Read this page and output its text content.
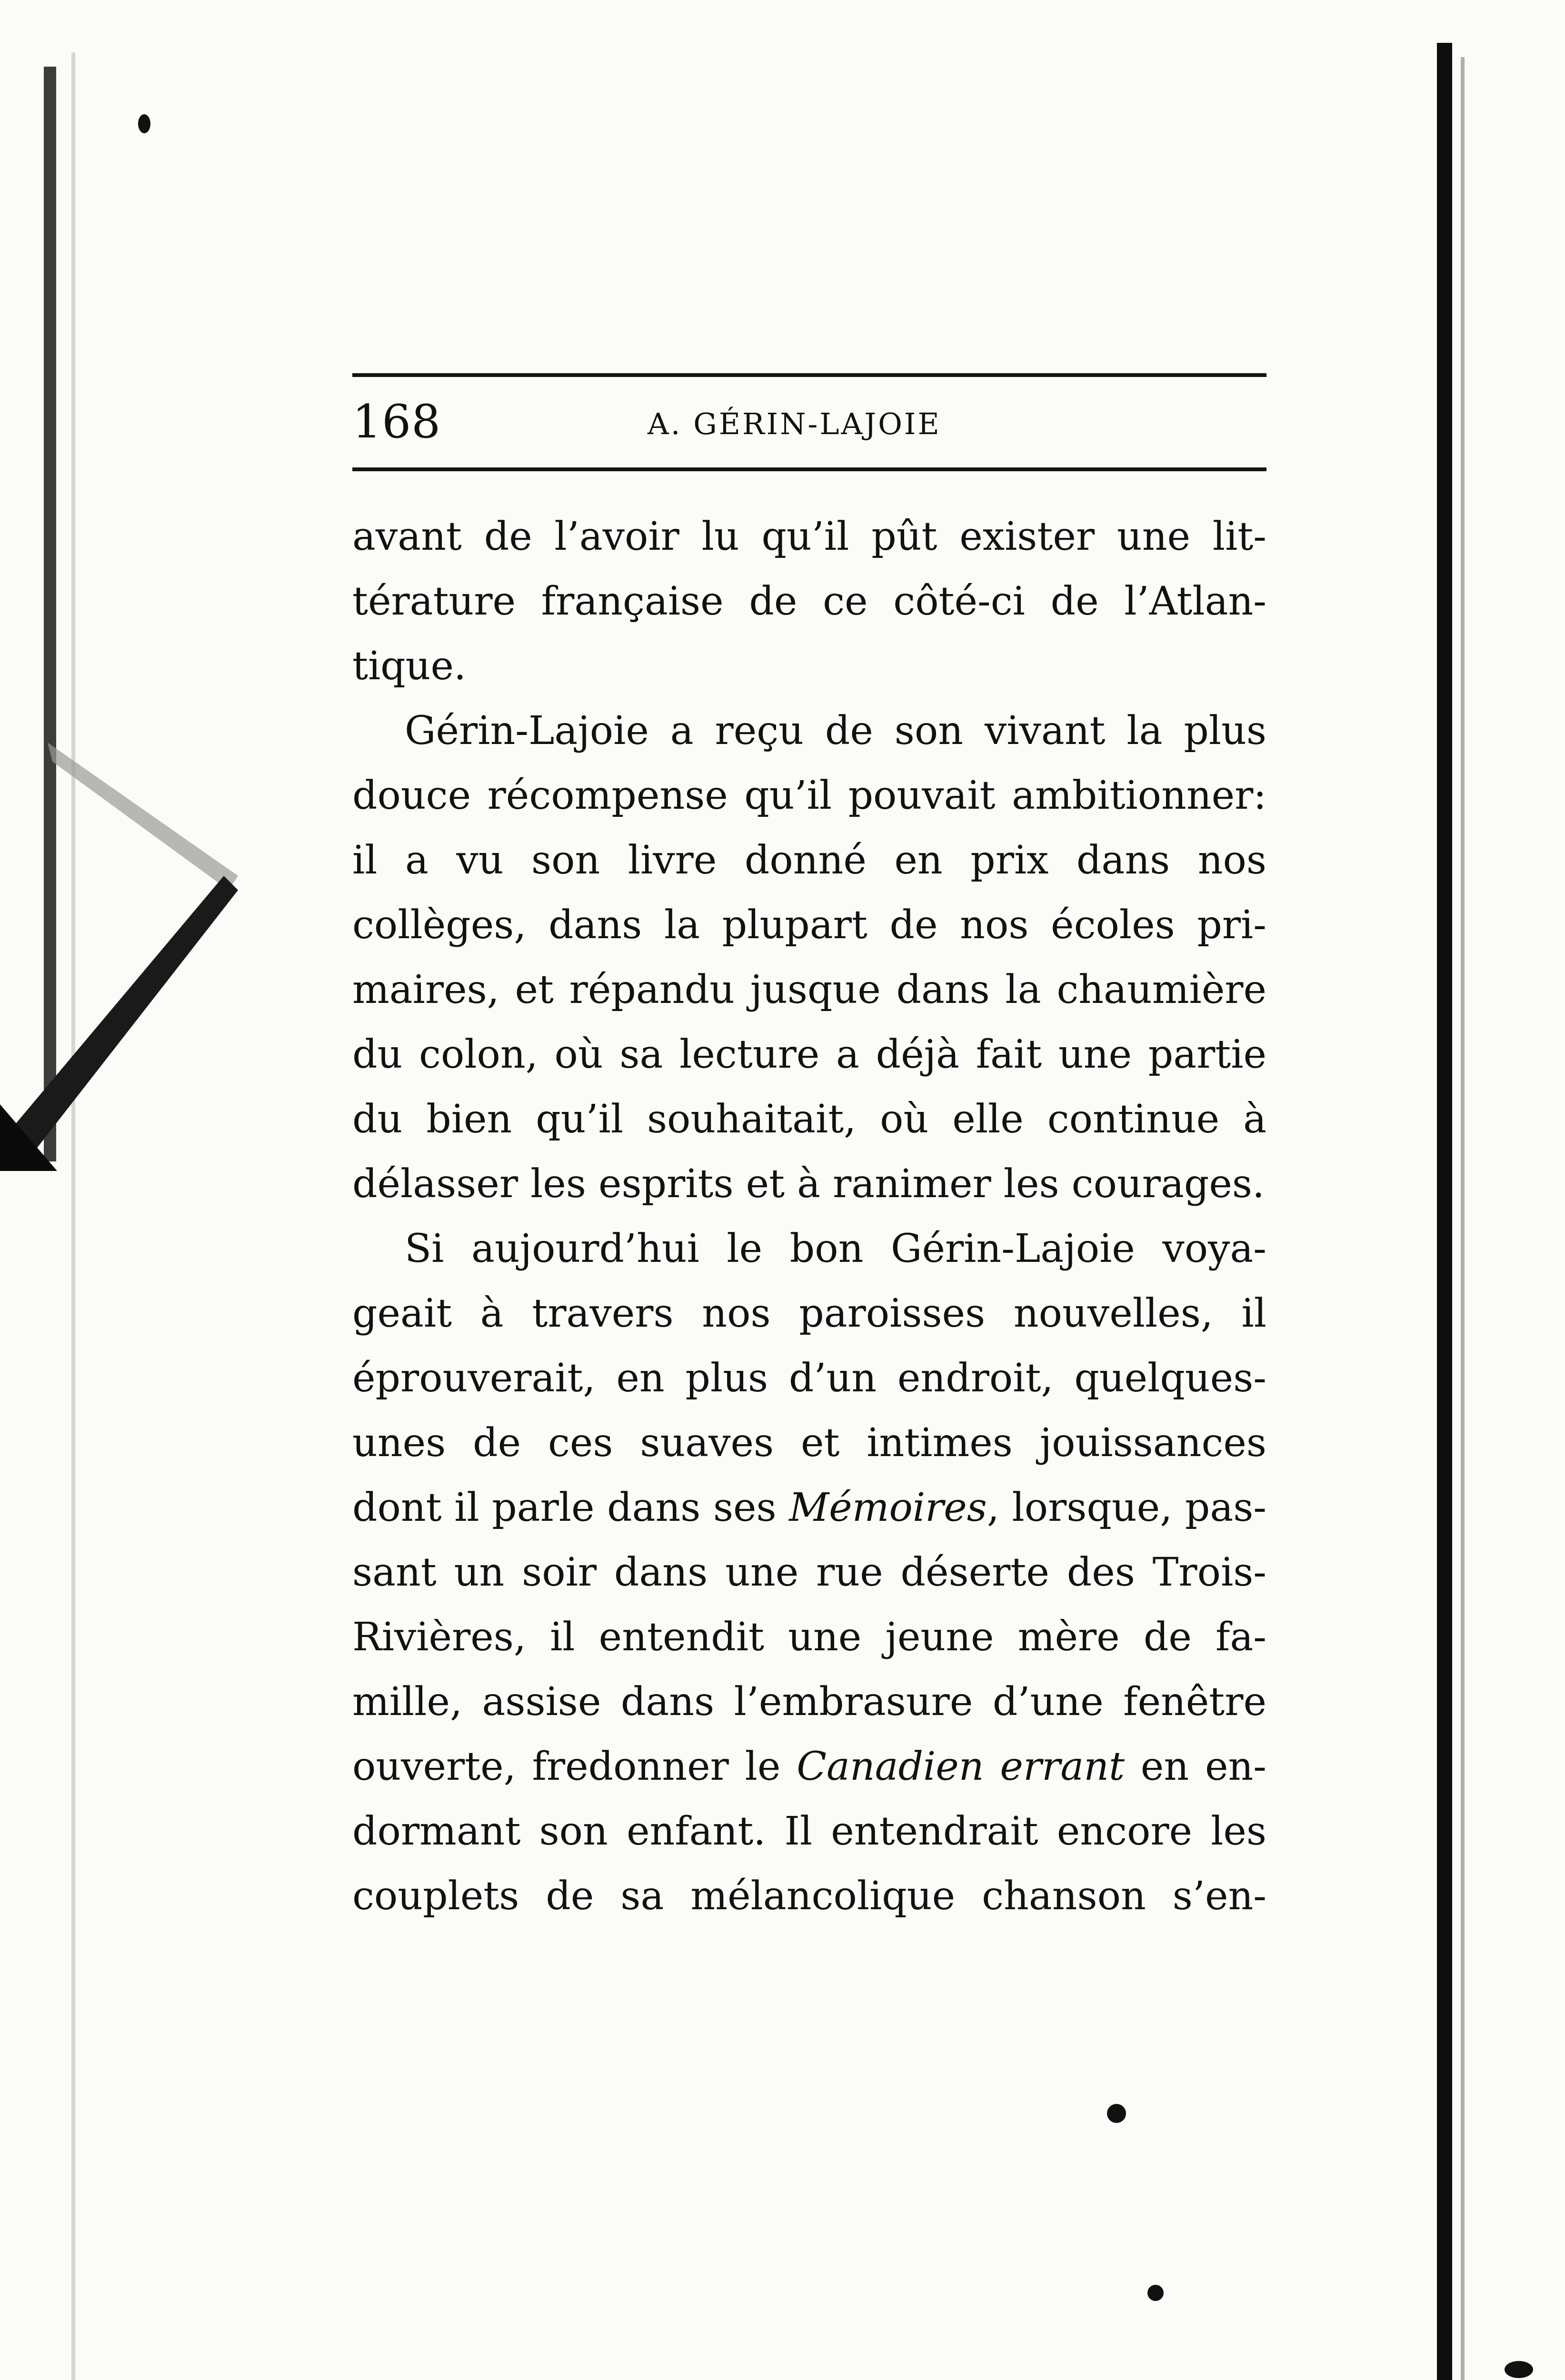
168	A. GÉRIN-LAJOIE
avant de l’avoir lu qu’il pût exister une lit-
térature française de ce côté-ci de l’Atlan-
tique.
Gérin-Lajoie a reçu de son vivant la plus
douce récompense qu’il pouvait ambitionner:
il a vu son livre donné en prix dans nos
collèges, dans la plupart de nos écoles pri-
maires, et répandu jusque dans la chaumière
du colon, où sa lecture a déjà fait une partie
du bien qu’il souhaitait, où elle continue à
délasser les esprits et à ranimer les courages.
Si aujourd’hui le bon Gérin-Lajoie voya-
geait à travers nos paroisses nouvelles, il
éprouverait, en plus d’un endroit, quelques-
unes de ces suaves et intimes jouissances
dont il parle dans ses Mémoires, lorsque, pas-
sant un soir dans une rue déserte des Trois-
Rivières, il entendit une jeune mère de fa-
mille, assise dans l’embrasure d’une fenêtre
ouverte, fredonner le Canadien errant en en-
dormant son enfant. Il entendrait encore les
couplets de sa mélancolique chanson s’en-
